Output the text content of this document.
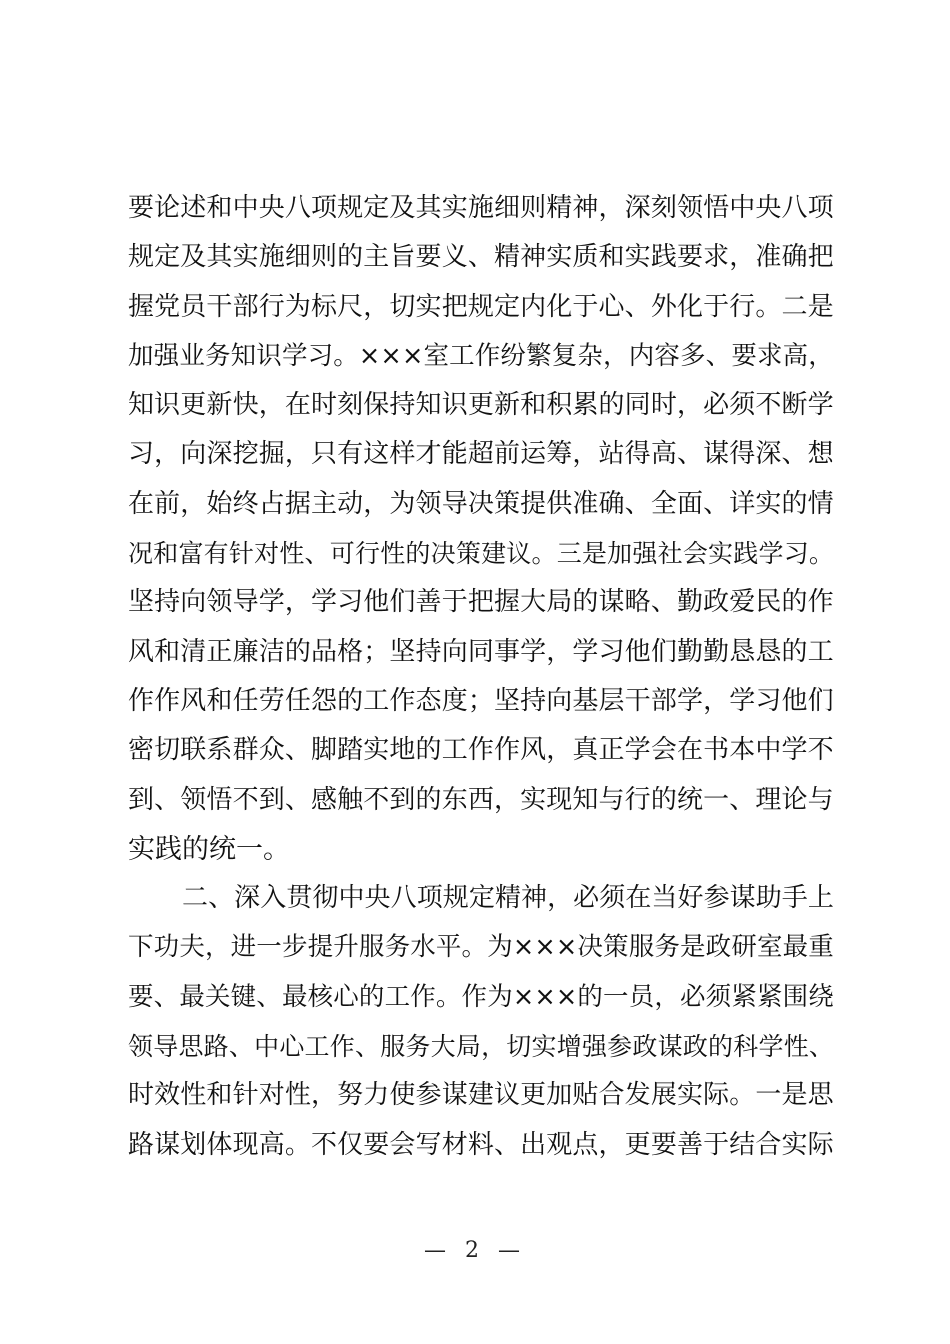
要 论 述 和 中 央 八 项 规 定 及 其 实 施 细 则 精 神 ， 深 刻 领 悟 中 央 八 项
规 定 及 其 实 施 细 则 的 主 旨 要 义 、 精 神 实 质 和 实 践 要 求 ， 准 确 把
握 党 员 干 部 行 为 标 尺 ， 切 实 把 规 定 内 化 于 心 、 外 化 于 行 。 二 是
加 强 业 务 知 识 学 习 。 × × × 室 工 作 纷 繁 复 杂 ， 内 容 多 、 要 求 高 ，
知 识 更 新 快 ， 在 时 刻 保 持 知 识 更 新 和 积 累 的 同 时 ， 必 须 不 断 学
习 ， 向 深 挖 掘 ， 只 有 这 样 才 能 超 前 运 筹 ， 站 得 高 、 谋 得 深 、 想
在 前 ， 始 终 占 据 主 动 ， 为 领 导 决 策 提 供 准 确 、 全 面 、 详 实 的 情
况 和 富 有 针 对 性 、 可 行 性 的 决 策 建 议 。 三 是 加 强 社 会 实 践 学 习 。
坚 持 向 领 导 学 ， 学 习 他 们 善 于 把 握 大 局 的 谋 略 、 勤 政 爱 民 的 作
风 和 清 正 廉 洁 的 品 格 ； 坚 持 向 同 事 学 ， 学 习 他 们 勤 勤 恳 恳 的 工
作 作 风 和 任 劳 任 怨 的 工 作 态 度 ； 坚 持 向 基 层 干 部 学 ， 学 习 他 们
密 切 联 系 群 众 、 脚 踏 实 地 的 工 作 作 风 ， 真 正 学 会 在 书 本 中 学 不
到 、 领 悟 不 到 、 感 触 不 到 的 东 西 ， 实 现 知 与 行 的 统 一 、 理 论 与
实践的统一。
二 、 深 入 贯 彻 中 央 八 项 规 定 精 神 ， 必 须 在 当 好 参 谋 助 手 上
下 功 夫 ， 进 一 步 提 升 服 务 水 平 。 为 × × × 决 策 服 务 是 政 研 室 最 重
要 、 最 关 键 、 最 核 心 的 工 作 。 作 为 × × × 的 一 员 ， 必 须 紧 紧 围 绕
领 导 思 路 、 中 心 工 作 、 服 务 大 局 ， 切 实 增 强 参 政 谋 政 的 科 学 性 、
时 效 性 和 针 对 性 ， 努 力 使 参 谋 建 议 更 加 贴 合 发 展 实 际 。 一 是 思
路 谋 划 体 现 高 。 不 仅 要 会 写 材 料 、 出 观 点 ， 更 要 善 于 结 合 实 际
— 2 —
